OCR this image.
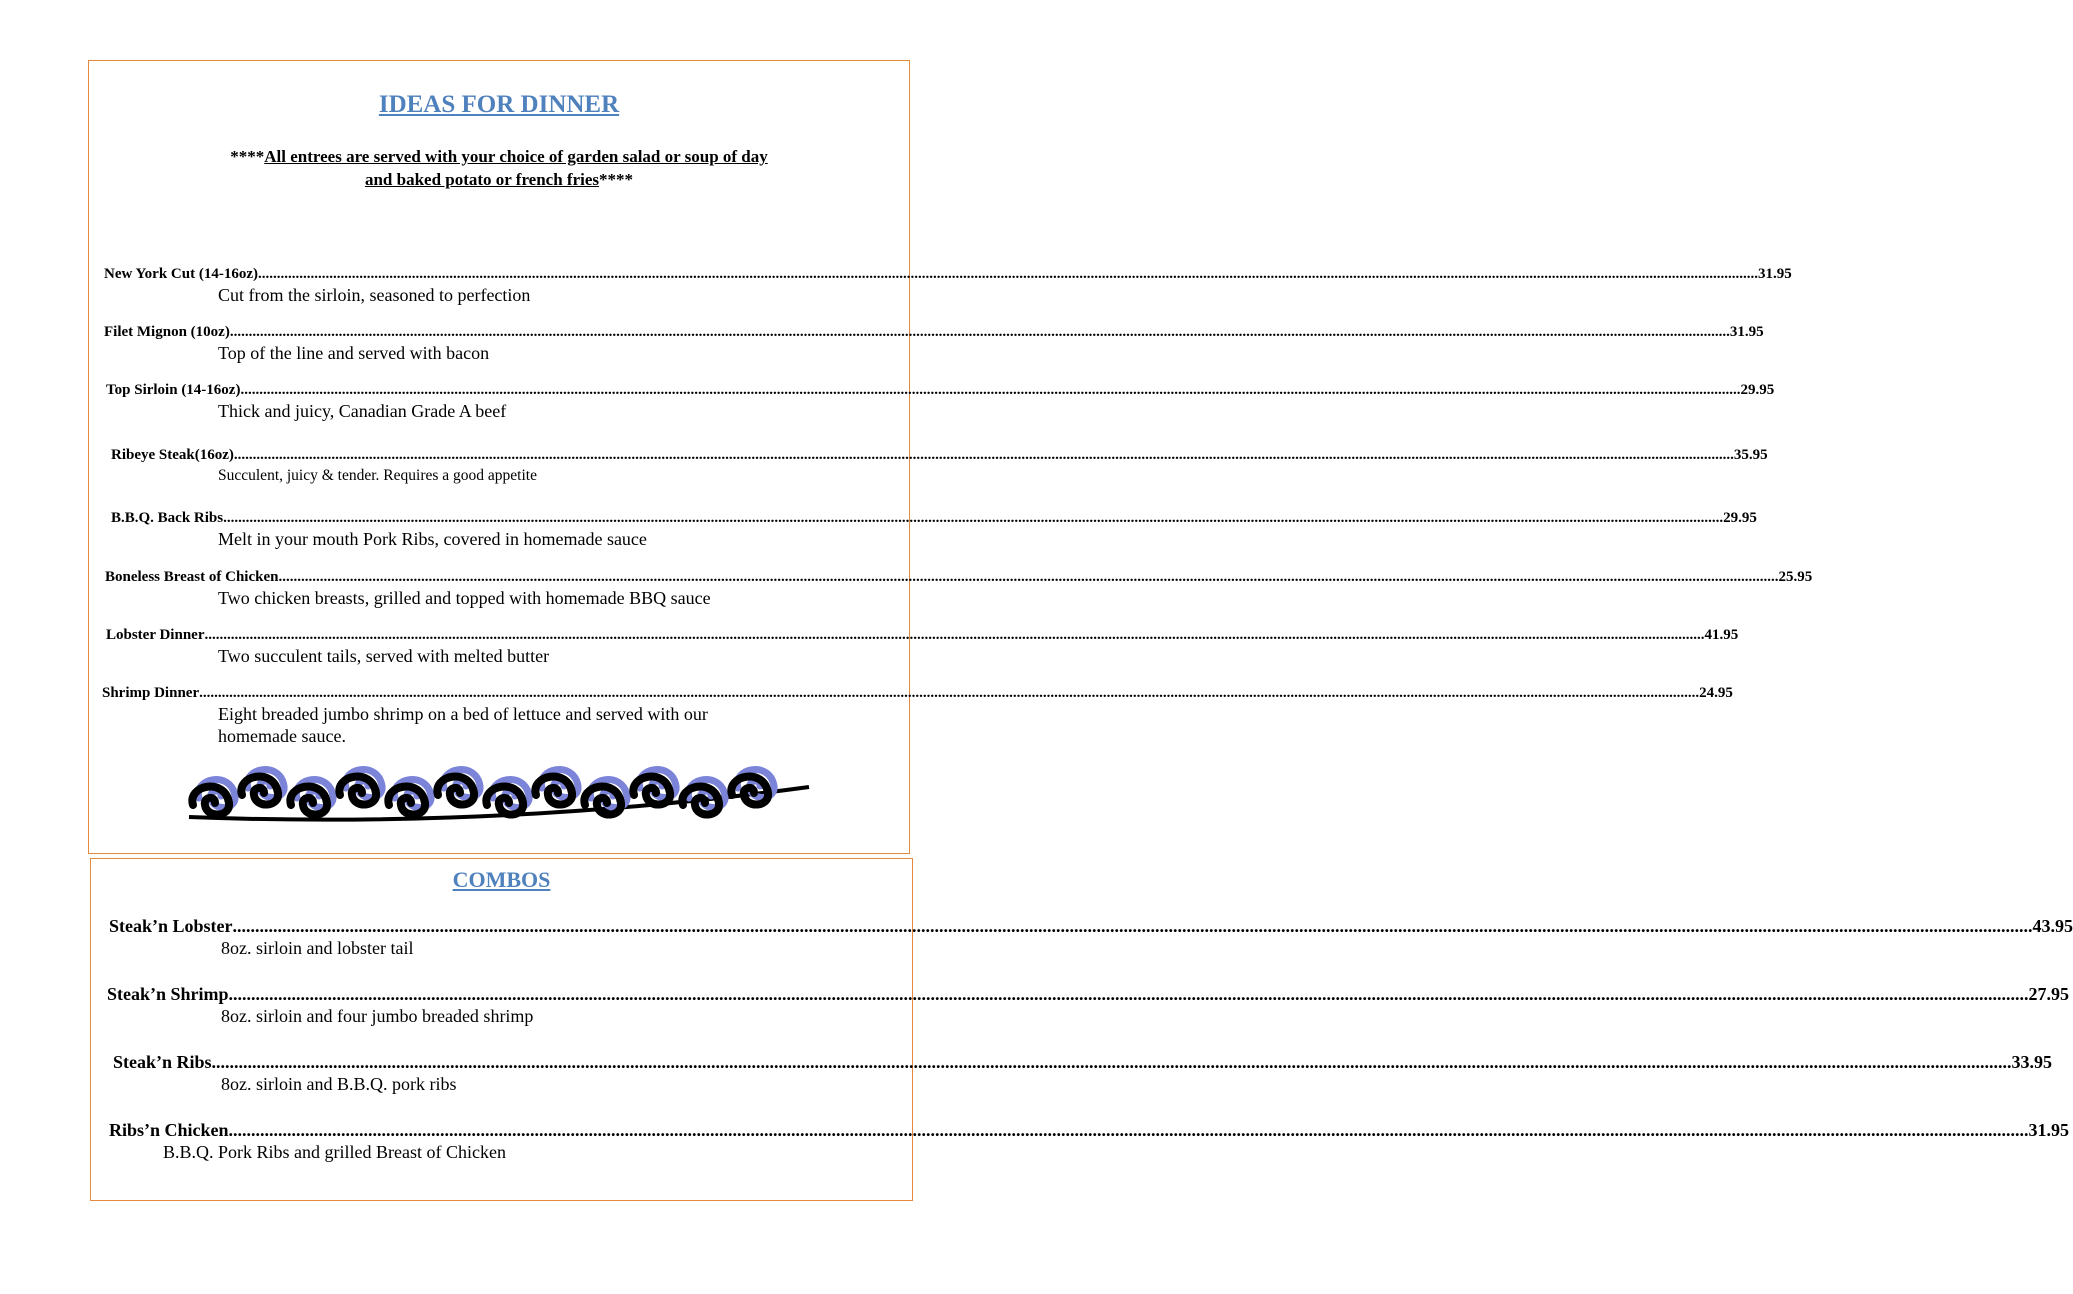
IDEAS FOR DINNER
****All entrees are served with your choice of garden salad or soup of day
and baked potato or french fries****
New York Cut (14-16oz) ................................................................................................................................................................................................................................................................................................................................................................................................................ 31.95
Cut from the sirloin, seasoned to perfection
Filet Mignon (10oz) ................................................................................................................................................................................................................................................................................................................................................................................................................ 31.95
Top of the line and served with bacon
Top Sirloin (14-16oz) ................................................................................................................................................................................................................................................................................................................................................................................................................ 29.95
Thick and juicy, Canadian Grade A beef
Ribeye Steak(16oz) ................................................................................................................................................................................................................................................................................................................................................................................................................ 35.95
Succulent, juicy & tender. Requires a good appetite
B.B.Q. Back Ribs ................................................................................................................................................................................................................................................................................................................................................................................................................ 29.95
Melt in your mouth Pork Ribs, covered in homemade sauce
Boneless Breast of Chicken ................................................................................................................................................................................................................................................................................................................................................................................................................ 25.95
Two chicken breasts, grilled and topped with homemade BBQ sauce
Lobster Dinner ................................................................................................................................................................................................................................................................................................................................................................................................................ 41.95
Two succulent tails, served with melted butter
Shrimp Dinner ................................................................................................................................................................................................................................................................................................................................................................................................................ 24.95
Eight breaded jumbo shrimp on a bed of lettuce and served with our homemade sauce.
COMBOS
Steak’n Lobster ................................................................................................................................................................................................................................................................................................................................................................................................................ 43.95
8oz. sirloin and lobster tail
Steak’n Shrimp ................................................................................................................................................................................................................................................................................................................................................................................................................ 27.95
8oz. sirloin and four jumbo breaded shrimp
Steak’n Ribs ................................................................................................................................................................................................................................................................................................................................................................................................................ 33.95
8oz. sirloin and B.B.Q. pork ribs
Ribs’n Chicken ................................................................................................................................................................................................................................................................................................................................................................................................................ 31.95
B.B.Q. Pork Ribs and grilled Breast of Chicken
